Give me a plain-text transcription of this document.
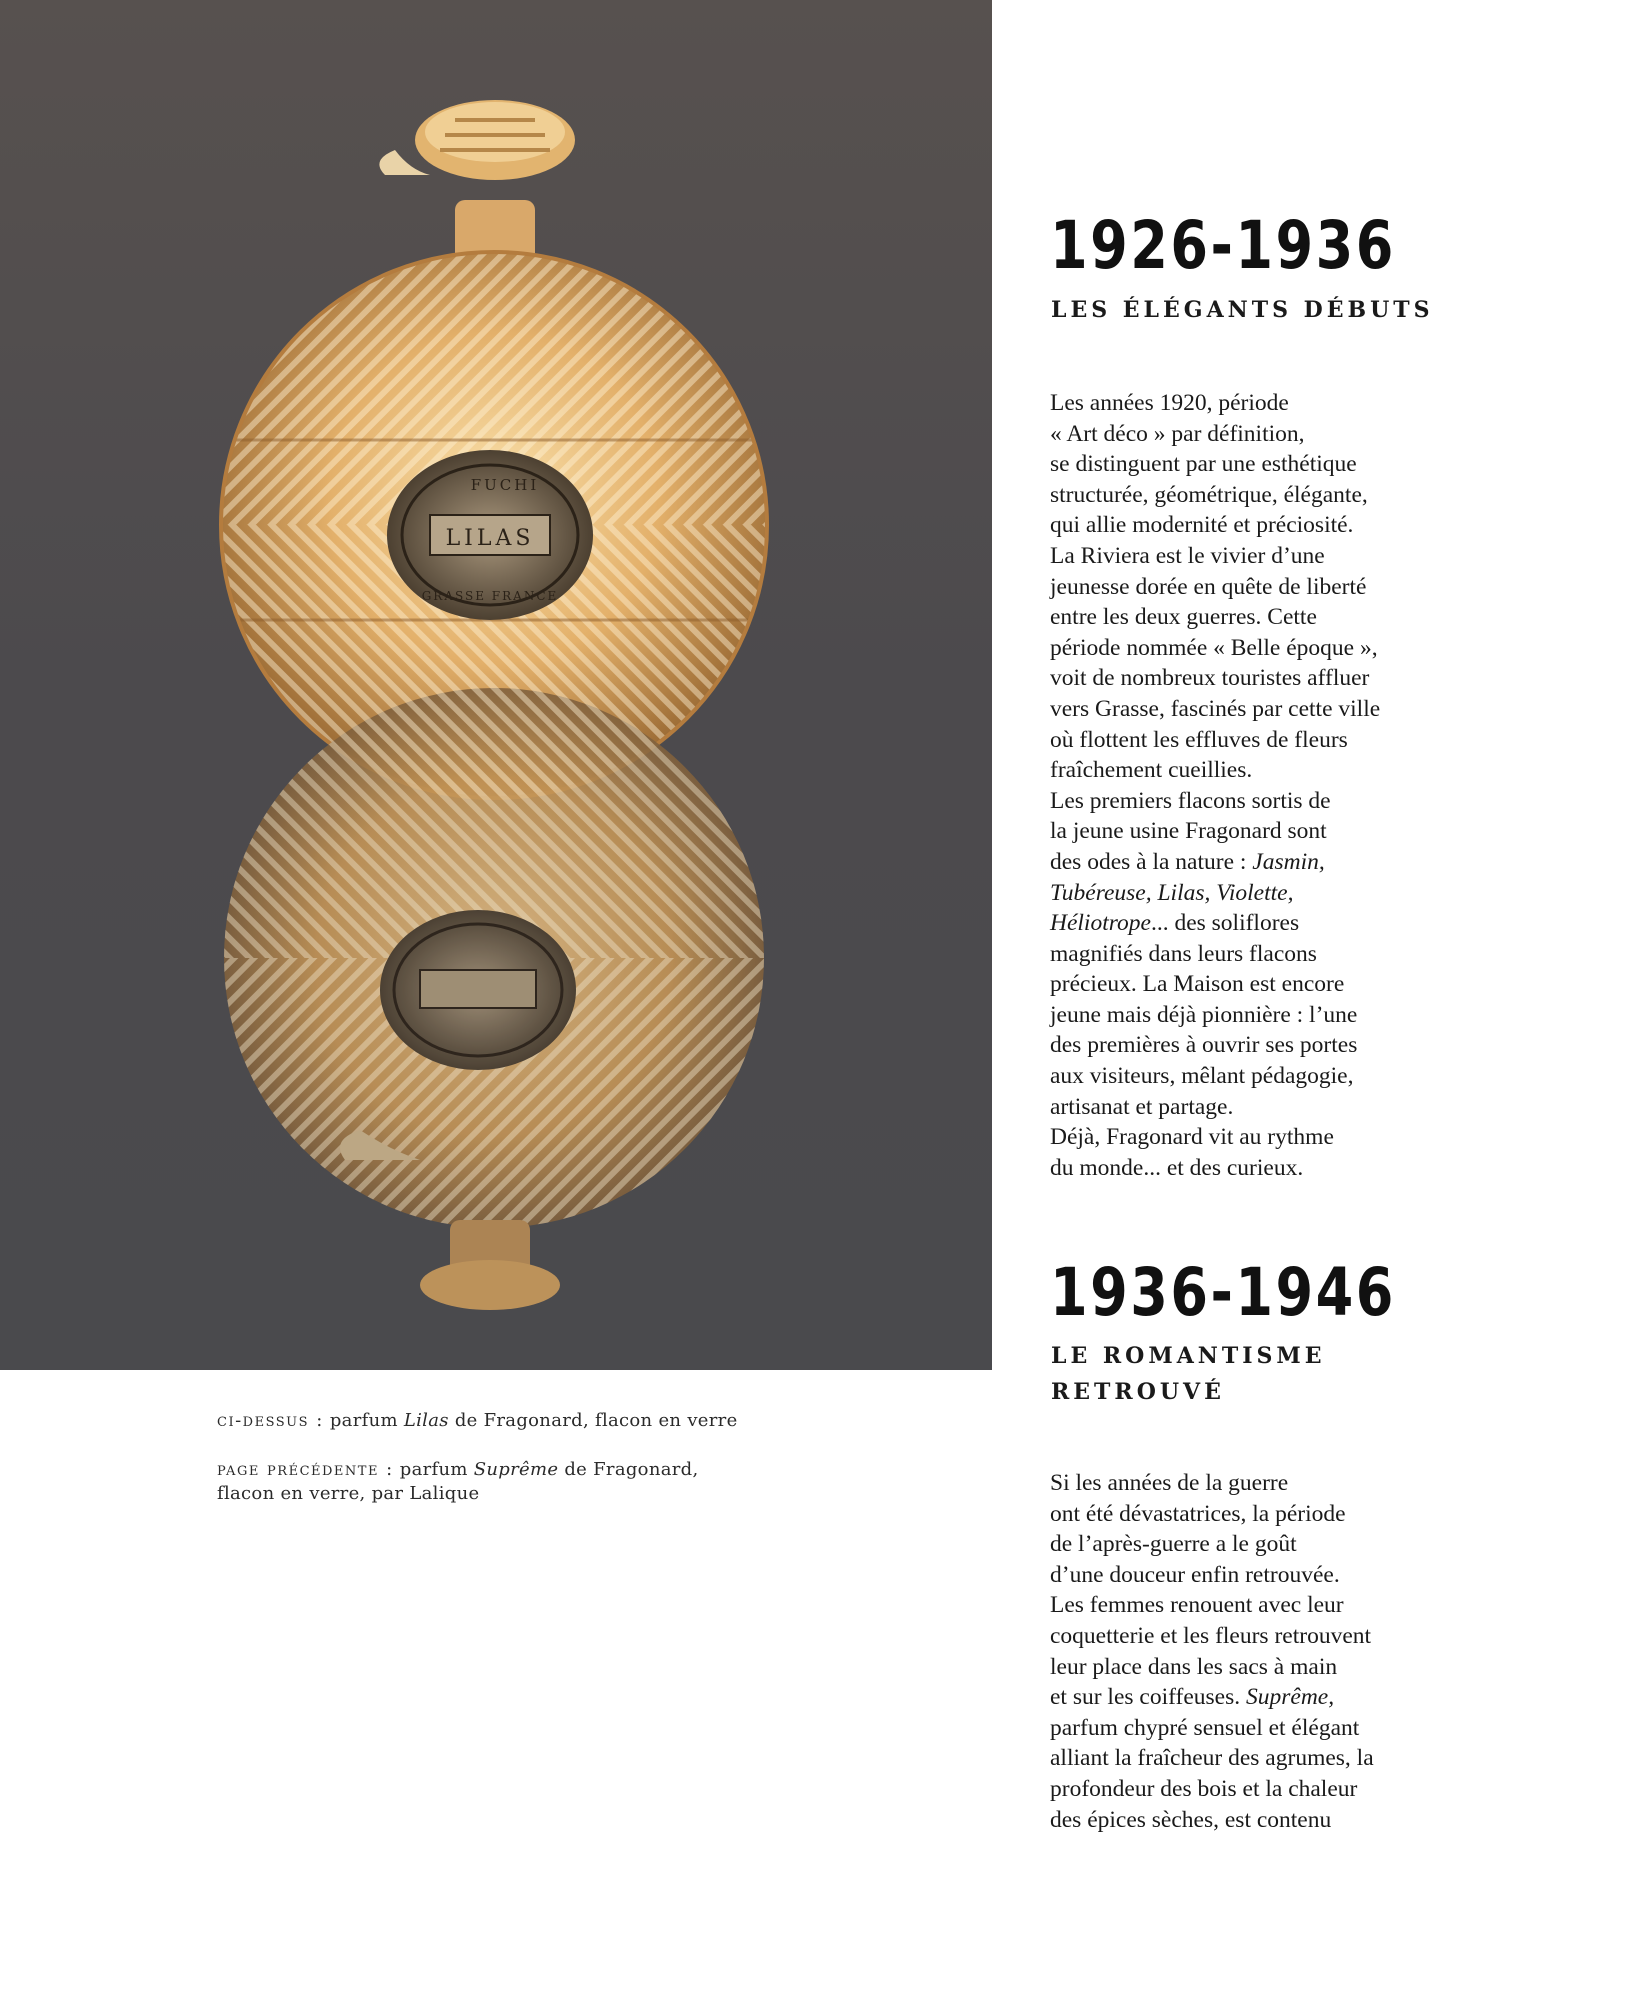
LILAS
FUCHI
GRASSE FRANCE
ci-dessus : parfum Lilas de Fragonard, flacon en verre
page précédente : parfum Suprême de Fragonard,
flacon en verre, par Lalique
1926-1936
LES ÉLÉGANTS DÉBUTS

Les années 1920, période

« Art déco » par définition,

se distinguent par une esthétique

structurée, géométrique, élégante,

qui allie modernité et préciosité.

La Riviera est le vivier d’une

jeunesse dorée en quête de liberté

entre les deux guerres. Cette

période nommée « Belle époque »,

voit de nombreux touristes affluer

vers Grasse, fascinés par cette ville

où flottent les effluves de fleurs

fraîchement cueillies.

Les premiers flacons sortis de

la jeune usine Fragonard sont

des odes à la nature : Jasmin,

Tubéreuse, Lilas, Violette,

Héliotrope... des soliflores

magnifiés dans leurs flacons

précieux. La Maison est encore

jeune mais déjà pionnière : l’une

des premières à ouvrir ses portes

aux visiteurs, mêlant pédagogie,

artisanat et partage.

Déjà, Fragonard vit au rythme

du monde... et des curieux.

1936-1946
LE ROMANTISME
RETROUVÉ

Si les années de la guerre

ont été dévastatrices, la période

de l’après-guerre a le goût

d’une douceur enfin retrouvée.

Les femmes renouent avec leur

coquetterie et les fleurs retrouvent

leur place dans les sacs à main

et sur les coiffeuses. Suprême,

parfum chypré sensuel et élégant

alliant la fraîcheur des agrumes, la

profondeur des bois et la chaleur

des épices sèches, est contenu
